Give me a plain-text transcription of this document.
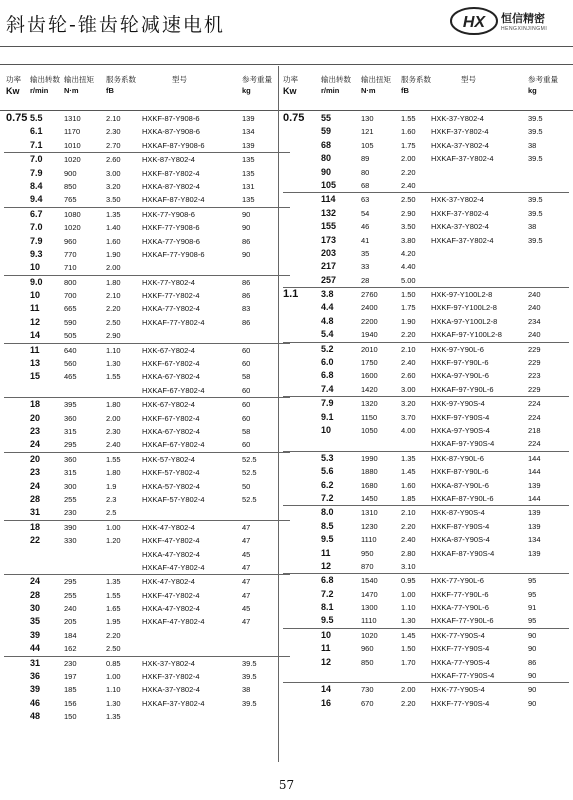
斜齿轮-锥齿轮减速电机	HX 恒信精密
HENGXINJINGMI
功率
Kw
输出转数
r/min
输出扭矩
N·m
服务系数
fB
型号	参考重量
kg
0.75 5.5	1310	2.10	HXKF-87-Y908-6	139
6.1	1170	2.30	HXKA-87-Y908-6	134
7.1	1010	2.70	HXKAF-87-Y908-6	139
7.0	1020	2.60	HXK-87-Y802-4	135
7.9	900	3.00	HXKF-87-Y802-4	135
8.4	850	3.20	HXKA-87-Y802-4	131
9.4	765	3.50	HXKAF-87-Y802-4	135
6.7	1080	1.35	HXK-77-Y908-6	90
7.0	1020	1.40	HXKF-77-Y908-6	90
7.9	960	1.60	HXKA-77-Y908-6	86
9.3	770	1.90	HXKAF-77-Y908-6	90
10	710	2.00
9.0	800	1.80	HXK-77-Y802-4	86
10	700	2.10	HXKF-77-Y802-4	86
11	665	2.20	HXKA-77-Y802-4	83
12	590	2.50	HXKAF-77-Y802-4	86
14	505	2.90
11	640	1.10	HXK-67-Y802-4	60
13	560	1.30	HXKF-67-Y802-4	60
15	465	1.55	HXKA-67-Y802-4	58
HXKAF-67-Y802-4	60
18	395	1.80	HXK-67-Y802-4	60
20	360	2.00	HXKF-67-Y802-4	60
23	315	2.30	HXKA-67-Y802-4	58
24	295	2.40	HXKAF-67-Y802-4	60
20	360	1.55	HXK-57-Y802-4	52.5
23	315	1.80	HXKF-57-Y802-4	52.5
24	300	1.9	HXKA-57-Y802-4	50
28	255	2.3	HXKAF-57-Y802-4	52.5
31	230	2.5
18	390	1.00	HXK-47-Y802-4	47
22	330	1.20	HXKF-47-Y802-4	47
HXKA-47-Y802-4	45
HXKAF-47-Y802-4	47
24	295	1.35	HXK-47-Y802-4	47
28	255	1.55	HXKF-47-Y802-4	47
30	240	1.65	HXKA-47-Y802-4	45
35	205	1.95	HXKAF-47-Y802-4	47
39	184	2.20
44	162	2.50
31	230	0.85	HXK-37-Y802-4	39.5
36	197	1.00	HXKF-37-Y802-4	39.5
39	185	1.10	HXKA-37-Y802-4	38
46	156	1.30	HXKAF-37-Y802-4	39.5
48	150	1.35
功率
Kw
输出转数
r/min
输出扭矩
N·m
服务系数
fB
型号	参考重量
kg
0.75 55	130	1.55 HXK-37-Y802-4	39.5
59	121	1.60 HXKF-37-Y802-4	39.5
68	105	1.75 HXKA-37-Y802-4	38
80	89	2.00 HXKAF-37-Y802-4	39.5
90	80	2.20
105	68	2.40
114	63	2.50 HXK-37-Y802-4	39.5
132	54	2.90 HXKF-37-Y802-4	39.5
155	46	3.50 HXKA-37-Y802-4	38
173	41	3.80 HXKAF-37-Y802-4	39.5
203	35	4.20
217	33	4.40
257	28	5.00
1.1	3.8	2760	1.50 HXK-97-Y100L2-8	240
4.4	2400	1.75 HXKF-97-Y100L2-8	240
4.8	2200	1.90 HXKA-97-Y100L2-8	234
5.4	1940	2.20 HXKAF-97-Y100L2-8	240
5.2	2010	2.10 HXK-97-Y90L-6	229
6.0	1750	2.40 HXKF-97-Y90L-6	229
6.8	1600	2.60 HXKA-97-Y90L-6	223
7.4	1420	3.00 HXKAF-97-Y90L-6	229
7.9	1320	3.20 HXK-97-Y90S-4	224
9.1	1150	3.70 HXKF-97-Y90S-4	224
10	1050	4.00 HXKA-97-Y90S-4	218
HXKAF-97-Y90S-4	224
5.3	1990	1.35 HXK-87-Y90L-6	144
5.6	1880	1.45 HXKF-87-Y90L-6	144
6.2	1680	1.60 HXKA-87-Y90L-6	139
7.2	1450	1.85 HXKAF-87-Y90L-6	144
8.0	1310	2.10 HXK-87-Y90S-4	139
8.5	1230	2.20 HXKF-87-Y90S-4	139
9.5	1110	2.40 HXKA-87-Y90S-4	134
11	950	2.80 HXKAF-87-Y90S-4	139
12	870	3.10
6.8	1540	0.95 HXK-77-Y90L-6	95
7.2	1470	1.00 HXKF-77-Y90L-6	95
8.1	1300	1.10 HXKA-77-Y90L-6	91
9.5	1110	1.30 HXKAF-77-Y90L-6	95
10	1020	1.45 HXK-77-Y90S-4	90
11	960	1.50 HXKF-77-Y90S-4	90
12	850	1.70 HXKA-77-Y90S-4	86
HXKAF-77-Y90S-4	90
14	730	2.00 HXK-77-Y90S-4	90
16	670	2.20 HXKF-77-Y90S-4	90
57
